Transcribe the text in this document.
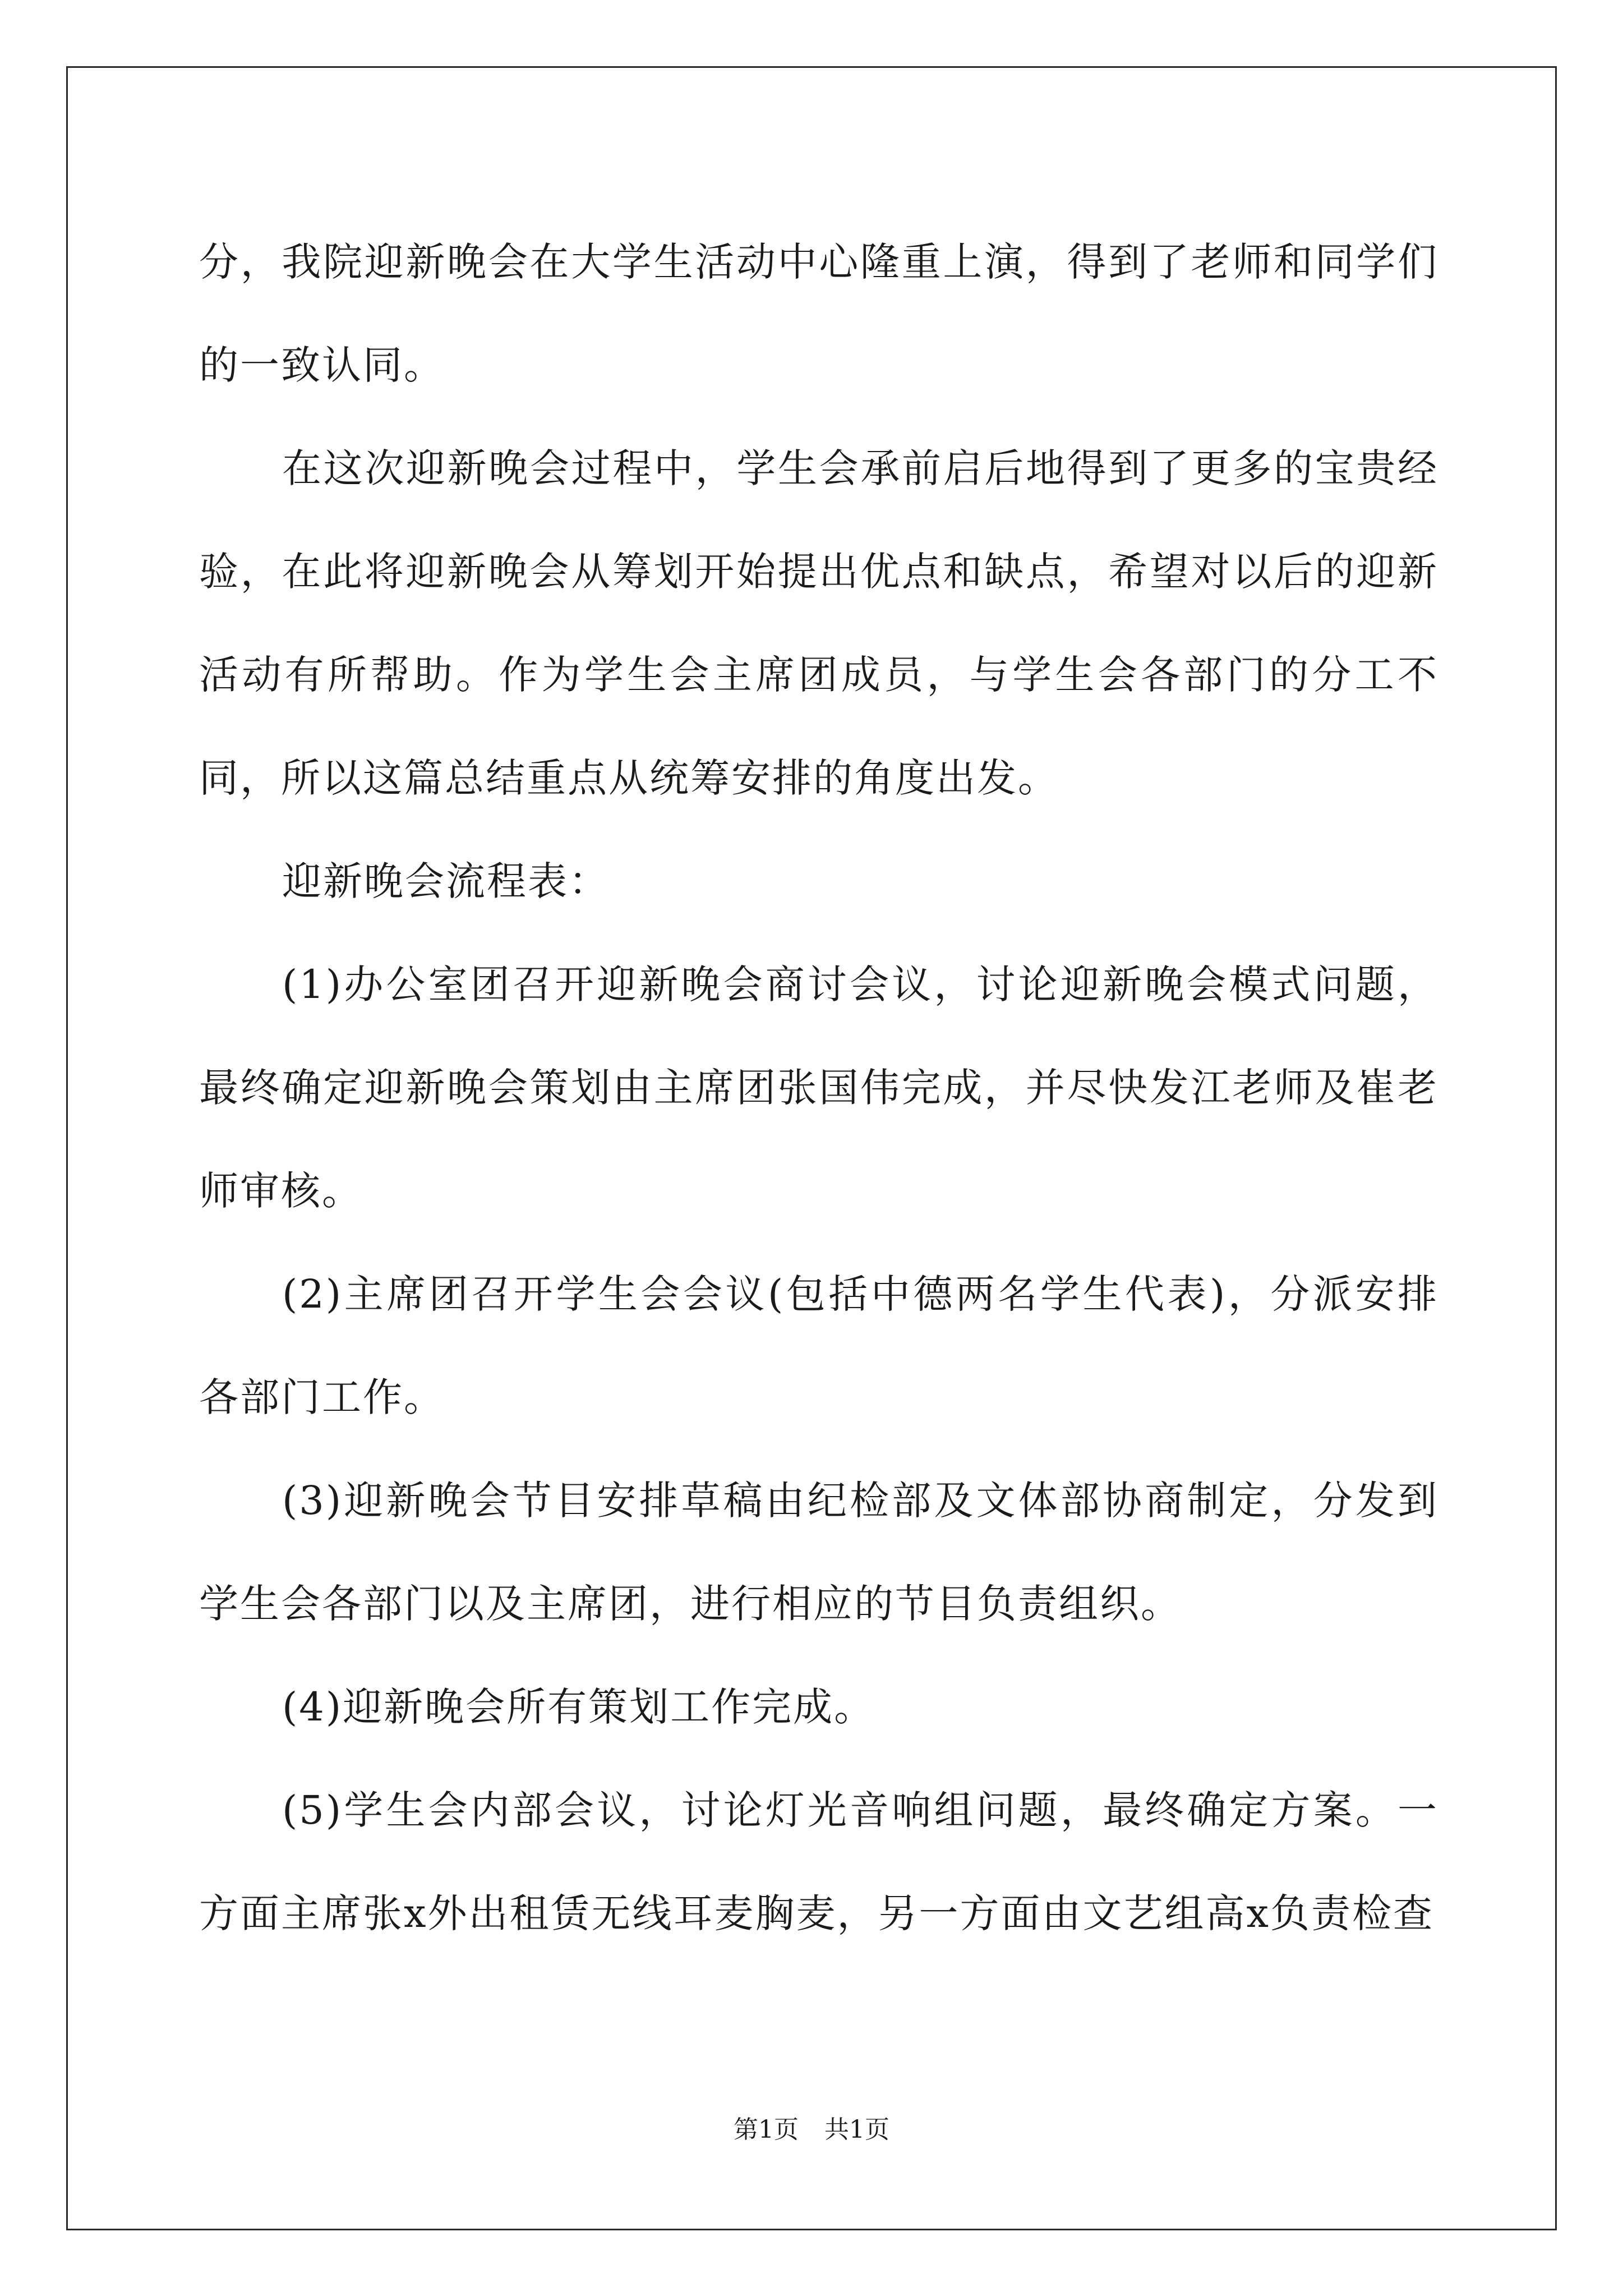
分，我院迎新晚会在大学生活动中心隆重上演，得到了老师和同学们的一致认同。

在这次迎新晚会过程中，学生会承前启后地得到了更多的宝贵经验，在此将迎新晚会从筹划开始提出优点和缺点，希望对以后的迎新活动有所帮助。作为学生会主席团成员，与学生会各部门的分工不同，所以这篇总结重点从统筹安排的角度出发。

迎新晚会流程表：

(1)办公室团召开迎新晚会商讨会议，讨论迎新晚会模式问题，最终确定迎新晚会策划由主席团张国伟完成，并尽快发江老师及崔老师审核。

(2)主席团召开学生会会议(包括中德两名学生代表)，分派安排各部门工作。

(3)迎新晚会节目安排草稿由纪检部及文体部协商制定，分发到学生会各部门以及主席团，进行相应的节目负责组织。

(4)迎新晚会所有策划工作完成。

(5)学生会内部会议，讨论灯光音响组问题，最终确定方案。一方面主席张x外出租赁无线耳麦胸麦，另一方面由文艺组高x负责检查

第1页 共1页
